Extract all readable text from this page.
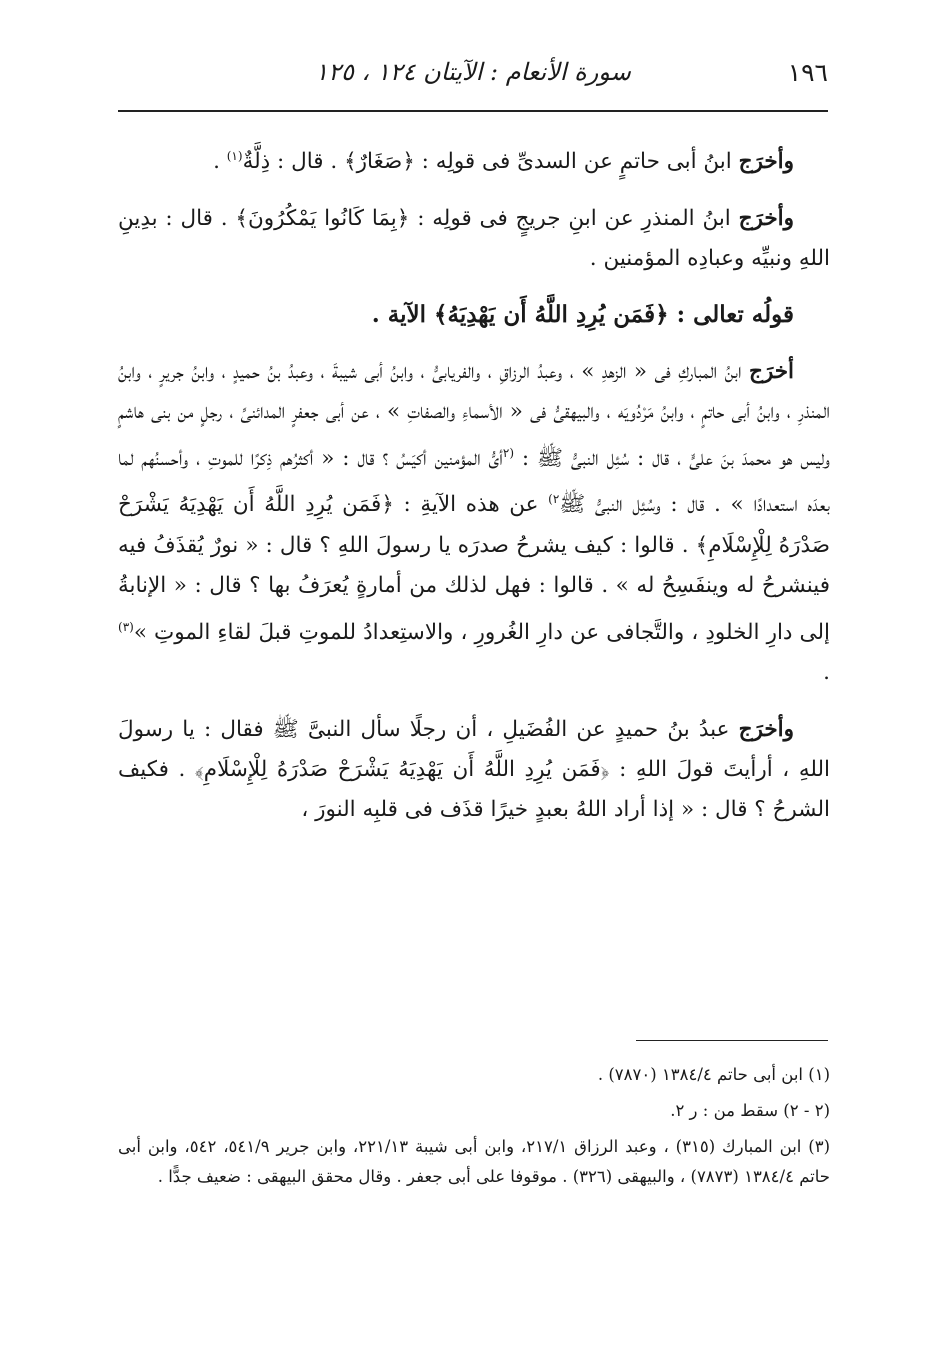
١٩٦
سورة الأنعام : الآيتان ١٢٤ ، ١٢٥

وأخرَج ابنُ أبى حاتمٍ عن السدىِّ فى قولِه : ﴿صَغَارٌ﴾ . قال : ذِلَّةٌ$^{(١)}$ .

وأخرَج ابنُ المنذرِ عن ابنِ جريجٍ فى قولِه : ﴿بِمَا كَانُوا يَمْكُرُونَ﴾ . قال : بدِينِ اللهِ ونبيِّه وعبادِه المؤمنين .

قولُه تعالى : ﴿فَمَن يُرِدِ اللَّهُ أَن يَهْدِيَهُ﴾ الآية .

أخرَج ابنُ المباركِ فى « الزهدِ » ، وعبدُ الرزاقِ ، والفريابىُّ ، وابنُ أبى شيبةَ ، وعبدُ بنُ حميدٍ ، وابنُ جريرٍ ، وابنُ المنذرِ ، وابنُ أبى حاتمٍ ، وابنُ مَرْدُويَه ، والبيهقىُّ فى « الأسماءِ والصفاتِ » ، عن أبى جعفرٍ المدائنىِّ ، رجلٍ من بنى هاشمٍ وليس هو محمدَ بنَ علىٍّ ، قال : سُئِل النبىُّ ﷺ : $^{(٢}$أىُّ المؤمنين أكيَسُ ؟ قال : « أكثرُهم ذِكرًا للموتِ ، وأحسنُهم لما بعدَه استعدادًا » . قال : وسُئِل النبىُّ ﷺ$^{٢)}$ عن هذه الآيةِ : ﴿فَمَن يُرِدِ اللَّهُ أَن يَهْدِيَهُ يَشْرَحْ صَدْرَهُ لِلْإِسْلَامِ﴾ . قالوا : كيف يشرحُ صدرَه يا رسولَ اللهِ ؟ قال : « نورٌ يُقذَفُ فيه فينشرحُ له وينفَسِحُ له » . قالوا : فهل لذلك من أمارةٍ يُعرَفُ بها ؟ قال : « الإنابةُ إلى دارِ الخلودِ ، والتَّجافى عن دارِ الغُرورِ ، والاستِعدادُ للموتِ قبلَ لقاءِ الموتِ »$^{(٣)}$ .

وأخرَج عبدُ بنُ حميدٍ عن الفُضَيلِ ، أن رجلًا سأل النبىَّ ﷺ فقال : يا رسولَ اللهِ ، أرأيتَ قولَ اللهِ : ﴿فَمَن يُرِدِ اللَّهُ أَن يَهْدِيَهُ يَشْرَحْ صَدْرَهُ لِلْإِسْلَامِ﴾ . فكيف الشرحُ ؟ قال : « إذا أراد اللهُ بعبدٍ خيرًا قذَف فى قلبِه النورَ ،

(١) ابن أبى حاتم ١٣٨٤/٤ (٧٨٧٠) .
(٢ - ٢) سقط من : ر ٢.
(٣) ابن المبارك (٣١٥) ، وعبد الرزاق ٢١٧/١، وابن أبى شيبة ٢٢١/١٣، وابن جرير ٥٤١/٩، ٥٤٢، وابن أبى حاتم ١٣٨٤/٤ (٧٨٧٣) ، والبيهقى (٣٢٦) . موقوفا على أبى جعفر . وقال محقق البيهقى : ضعيف جدًّا .
